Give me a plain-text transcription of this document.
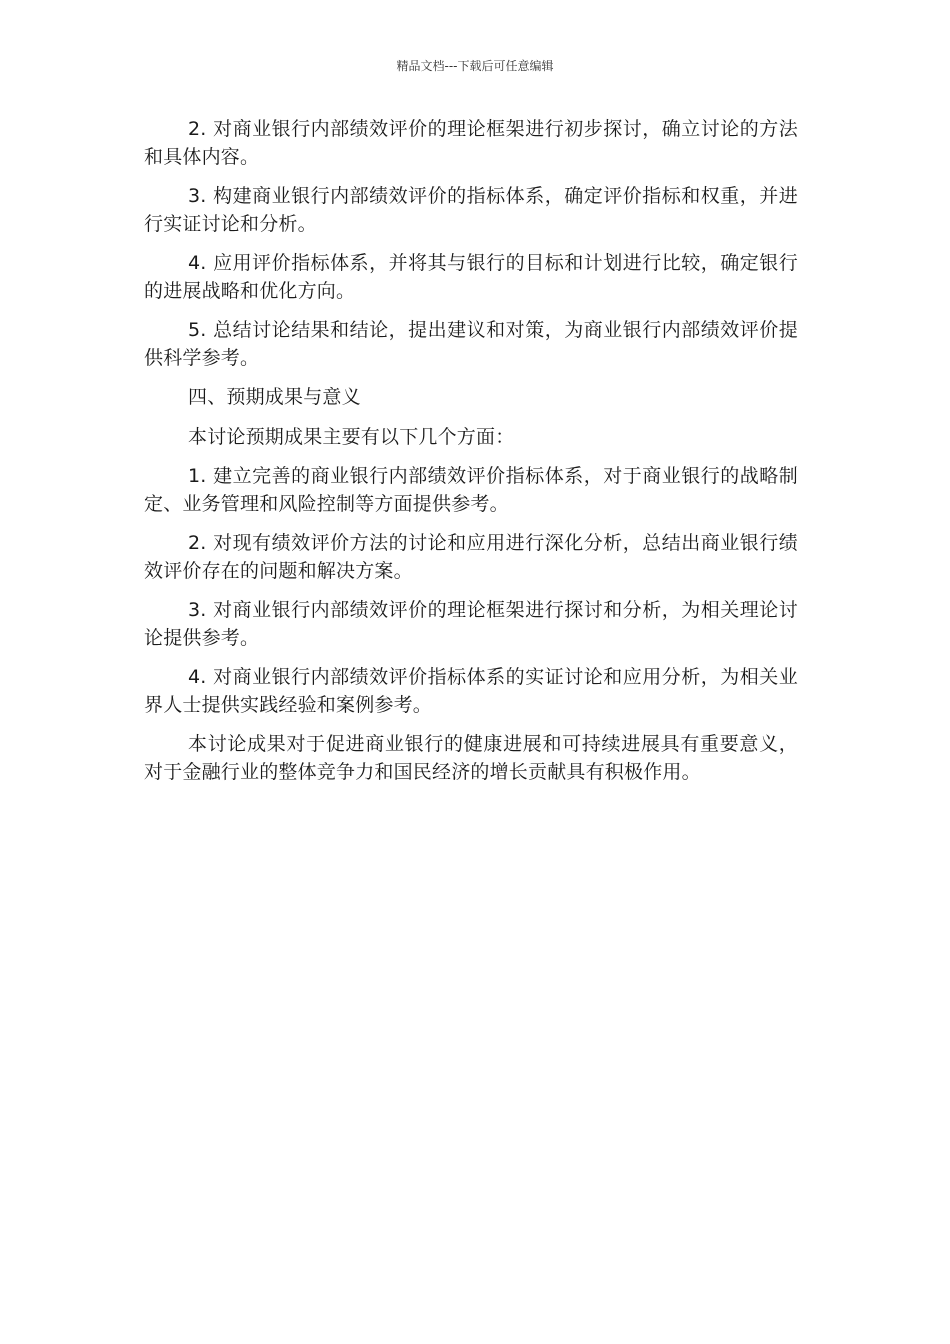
精品文档---下载后可任意编辑

2. 对商业银行内部绩效评价的理论框架进行初步探讨，确立讨论的方法和具体内容。

3. 构建商业银行内部绩效评价的指标体系，确定评价指标和权重，并进行实证讨论和分析。

4. 应用评价指标体系，并将其与银行的目标和计划进行比较，确定银行的进展战略和优化方向。

5. 总结讨论结果和结论，提出建议和对策，为商业银行内部绩效评价提供科学参考。

四、预期成果与意义

本讨论预期成果主要有以下几个方面：

1. 建立完善的商业银行内部绩效评价指标体系，对于商业银行的战略制定、业务管理和风险控制等方面提供参考。

2. 对现有绩效评价方法的讨论和应用进行深化分析，总结出商业银行绩效评价存在的问题和解决方案。

3. 对商业银行内部绩效评价的理论框架进行探讨和分析，为相关理论讨论提供参考。

4. 对商业银行内部绩效评价指标体系的实证讨论和应用分析，为相关业界人士提供实践经验和案例参考。

本讨论成果对于促进商业银行的健康进展和可持续进展具有重要意义，对于金融行业的整体竞争力和国民经济的增长贡献具有积极作用。
